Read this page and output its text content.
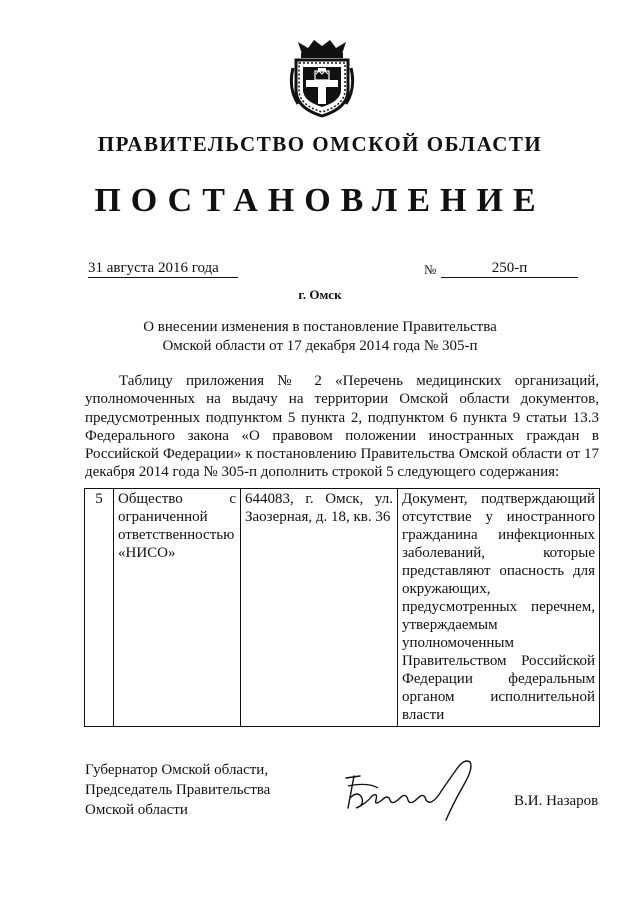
ПРАВИТЕЛЬСТВО ОМСКОЙ ОБЛАСТИ
ПОСТАНОВЛЕНИЕ
31 августа 2016 года	№	250-п
г. Омск
О внесении изменения в постановление Правительства
Омской области от 17 декабря 2014 года № 305-п
Таблицу приложения № 2 «Перечень медицинских организаций, уполномоченных на выдачу на территории Омской области документов, предусмотренных подпунктом 5 пункта 2, подпунктом 6 пункта 9 статьи 13.3 Федерального закона «О правовом положении иностранных граждан в Российской Федерации» к постановлению Правительства Омской области от 17 декабря 2014 года № 305-п дополнить строкой 5 следующего содержания:
5	Общество с ограниченной ответственностью «НИСО»	644083, г. Омск, ул. Заозерная, д. 18, кв. 36	Документ, подтверждающий отсутствие у иностранного гражданина инфекционных заболеваний, которые представляют опасность для окружающих, предусмотренных перечнем, утверждаемым уполномоченным Правительством Российской Федерации федеральным органом исполнительной власти
Губернатор Омской области,
Председатель Правительства
Омской области
В.И. Назаров
